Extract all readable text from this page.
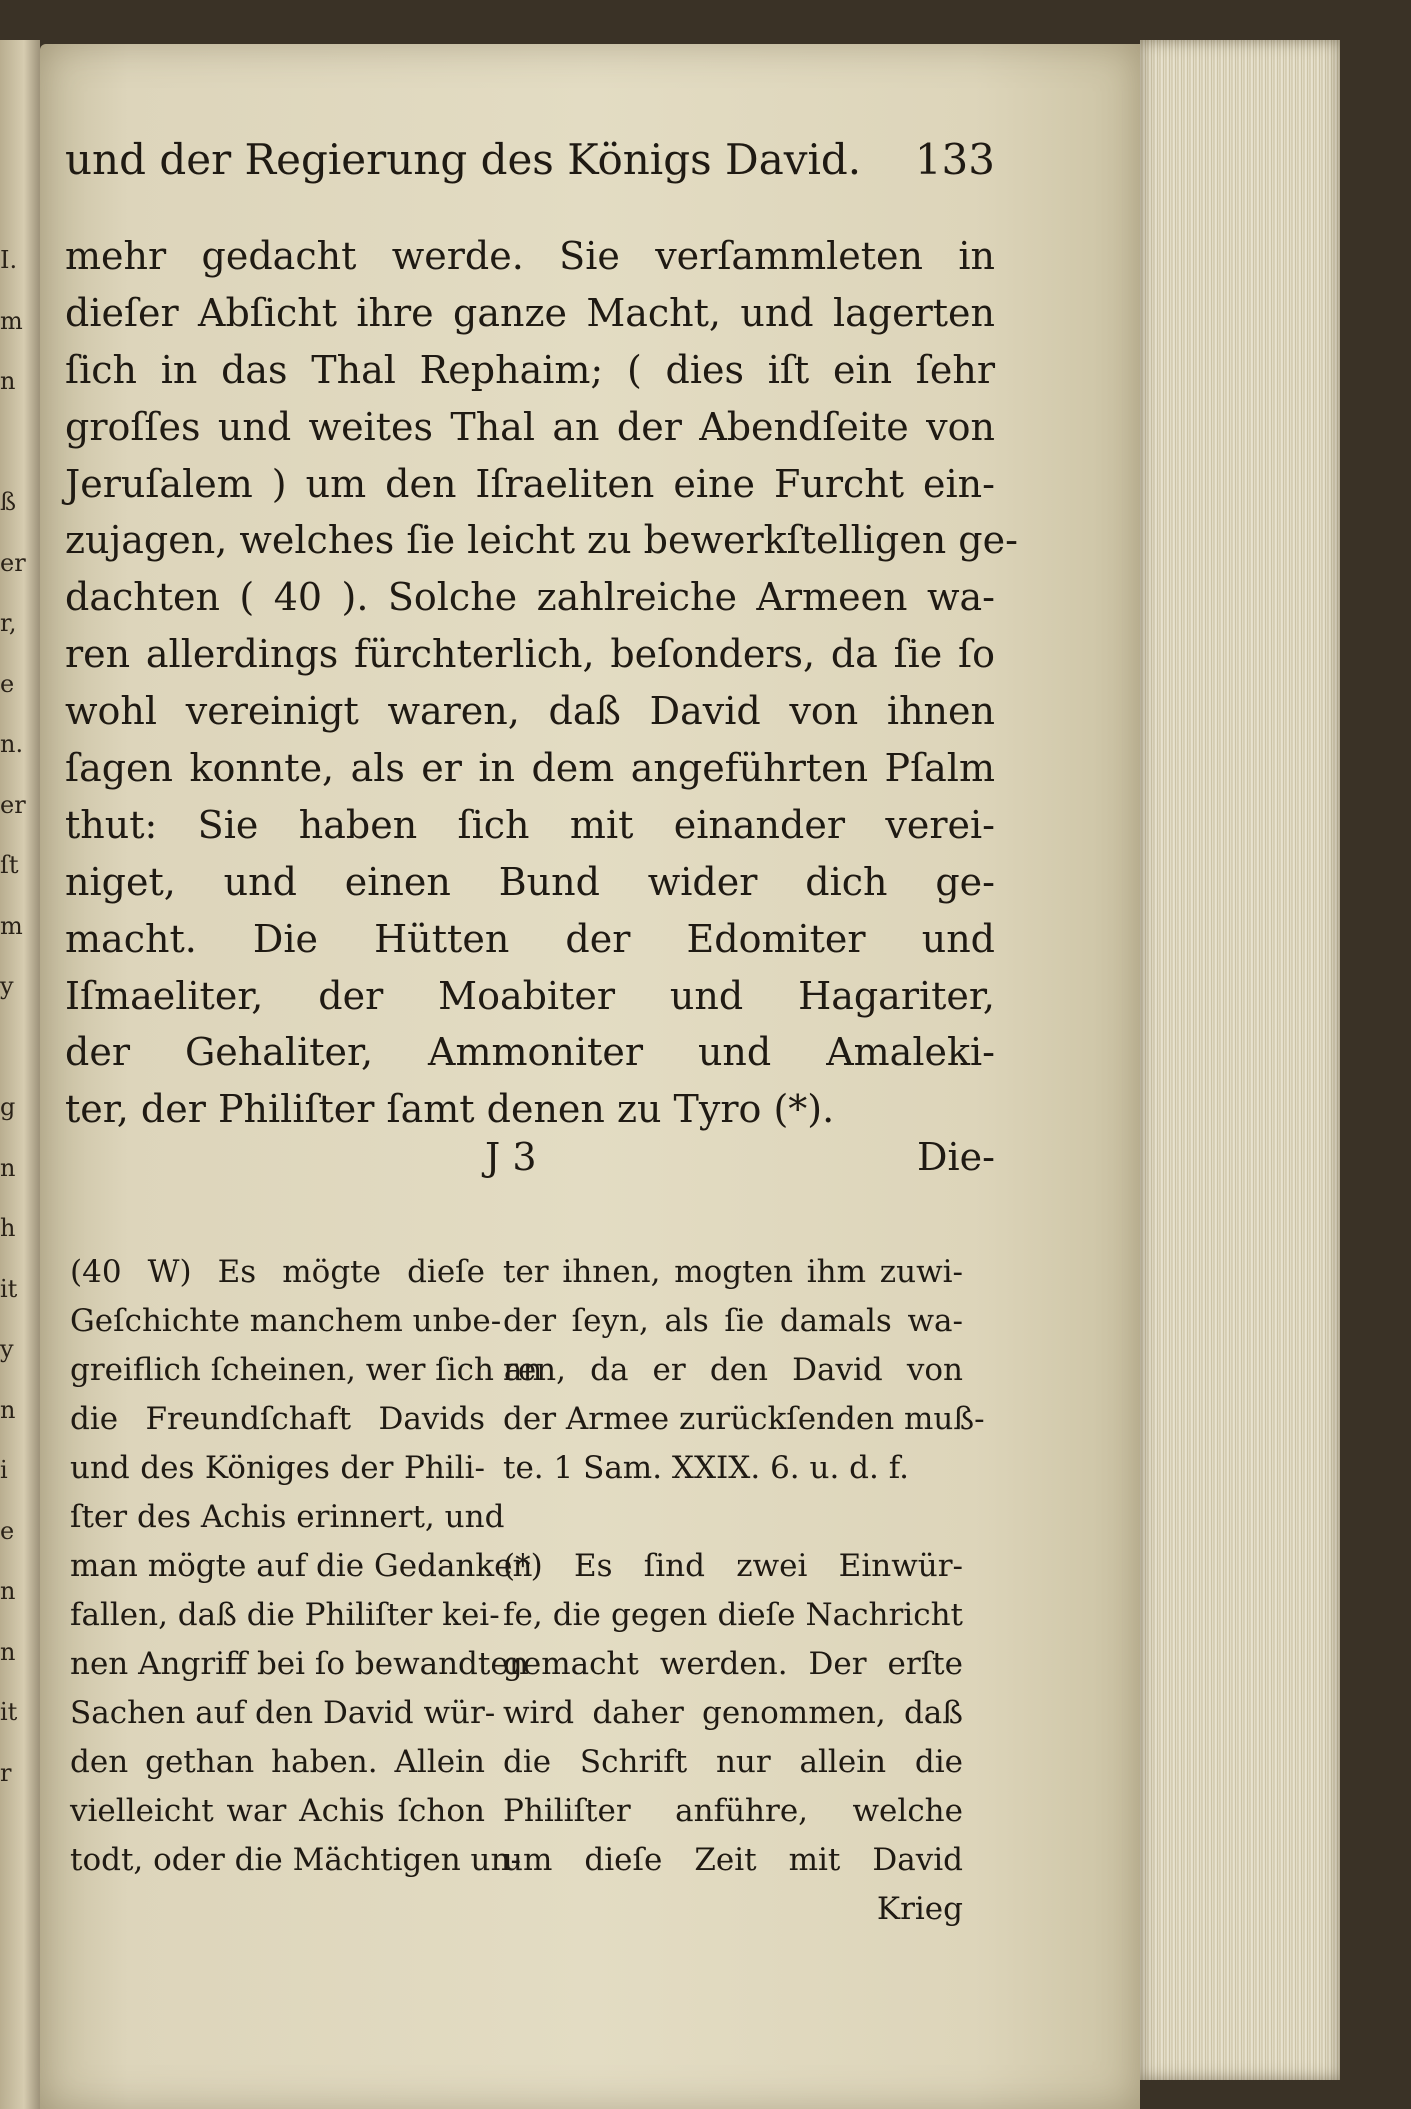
I.
m
n
ß
er
r,
e
n.
er
ſt
m
y
g
n
h
it
y
n
i
e
n
n
it
r
und der Regierung des Königs David. 133
mehr gedacht werde. Sie verſammleten in
dieſer Abſicht ihre ganze Macht, und lagerten
ſich in das Thal Rephaim; ( dies iſt ein ſehr
groſſes und weites Thal an der Abendſeite von
Jeruſalem ) um den Iſraeliten eine Furcht ein-
zujagen, welches ſie leicht zu bewerkſtelligen ge-
dachten ( 40 ). Solche zahlreiche Armeen wa-
ren allerdings fürchterlich, beſonders, da ſie ſo
wohl vereinigt waren, daß David von ihnen
ſagen konnte, als er in dem angeführten Pſalm
thut: Sie haben ſich mit einander verei-
niget, und einen Bund wider dich ge-
macht. Die Hütten der Edomiter und
Iſmaeliter, der Moabiter und Hagariter,
der Gehaliter, Ammoniter und Amaleki-
ter, der Philiſter ſamt denen zu Tyro (*).
J 3	Die-
(40 W) Es mögte dieſe
Geſchichte manchem unbe-
greiflich ſcheinen, wer ſich an
die Freundſchaft Davids
und des Königes der Phili-
ſter des Achis erinnert, und
man mögte auf die Gedanken
fallen, daß die Philiſter kei-
nen Angriff bei ſo bewandten
Sachen auf den David wür-
den gethan haben. Allein
vielleicht war Achis ſchon
todt, oder die Mächtigen un-
ter ihnen, mogten ihm zuwi-
der ſeyn, als ſie damals wa-
ren, da er den David von
der Armee zurückſenden muß-
te. 1 Sam. XXIX. 6. u. d. f.
(*) Es ſind zwei Einwür-
fe, die gegen dieſe Nachricht
gemacht werden. Der erſte
wird daher genommen, daß
die Schrift nur allein die
Philiſter anführe, welche
um dieſe Zeit mit David
Krieg
